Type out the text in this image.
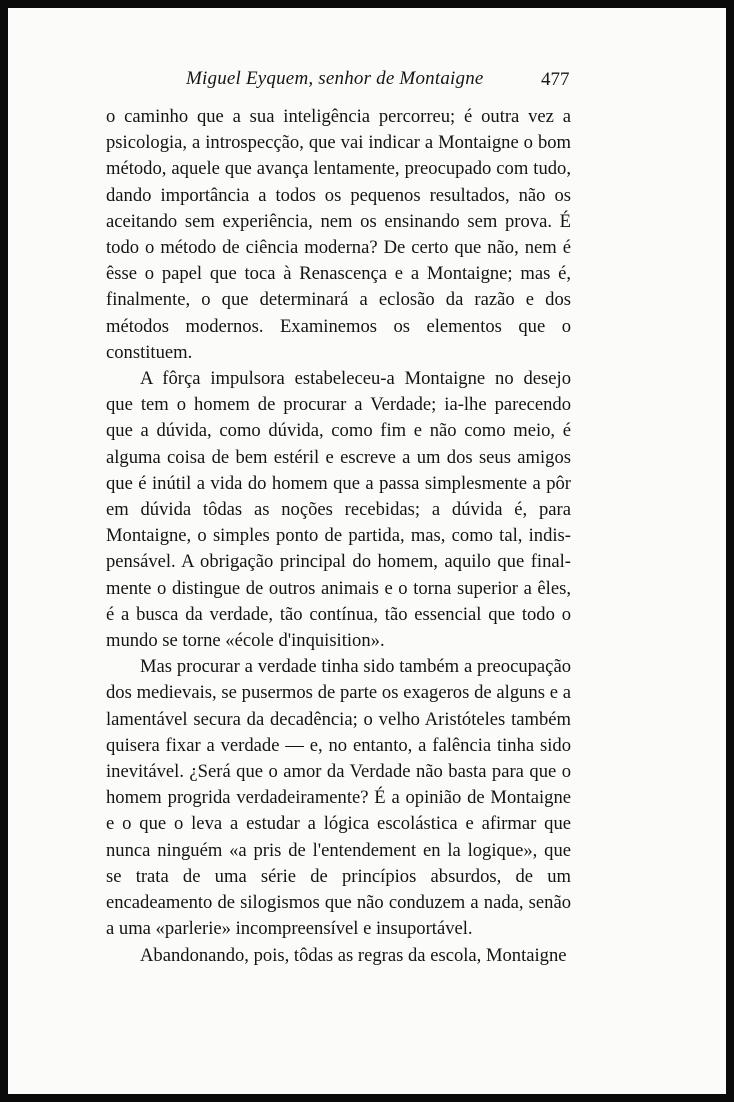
Miguel Eyquem, senhor de Montaigne	477

o caminho que a sua inteligência percorreu; é outra vez a psicologia, a introspecção, que vai indicar a Montaigne o bom método, aquele que avança lentamente, preocupado com tudo, dando importância a todos os pequenos resultados, não os aceitando sem experiência, nem os ensinando sem prova. É todo o método de ciência moderna? De certo que não, nem é êsse o papel que toca à Renascença e a Montaigne; mas é, finalmente, o que determinará a eclosão da razão e dos métodos modernos. Examinemos os elementos que o constituem.

A fôrça impulsora estabeleceu-a Montaigne no desejo que tem o homem de procurar a Verdade; ia-lhe parecendo que a dúvida, como dúvida, como fim e não como meio, é alguma coisa de bem estéril e escreve a um dos seus amigos que é inútil a vida do homem que a passa simplesmente a pôr em dúvida tôdas as noções recebidas; a dúvida é, para Montaigne, o simples ponto de partida, mas, como tal, indispensável. A obrigação principal do homem, aquilo que finalmente o distingue de outros animais e o torna superior a êles, é a busca da verdade, tão contínua, tão essencial que todo o mundo se torne «école d'inquisition».

Mas procurar a verdade tinha sido também a preocupação dos medievais, se pusermos de parte os exageros de alguns e a lamentável secura da decadência; o velho Aristóteles também quisera fixar a verdade — e, no entanto, a falência tinha sido inevitável. ¿Será que o amor da Verdade não basta para que o homem progrida verdadeiramente? É a opinião de Montaigne e o que o leva a estudar a lógica escolástica e afirmar que nunca ninguém «a pris de l'entendement en la logique», que se trata de uma série de princípios absurdos, de um encadeamento de silogismos que não conduzem a nada, senão a uma «parlerie» incompreensível e insuportável.

Abandonando, pois, tôdas as regras da escola, Montaigne
